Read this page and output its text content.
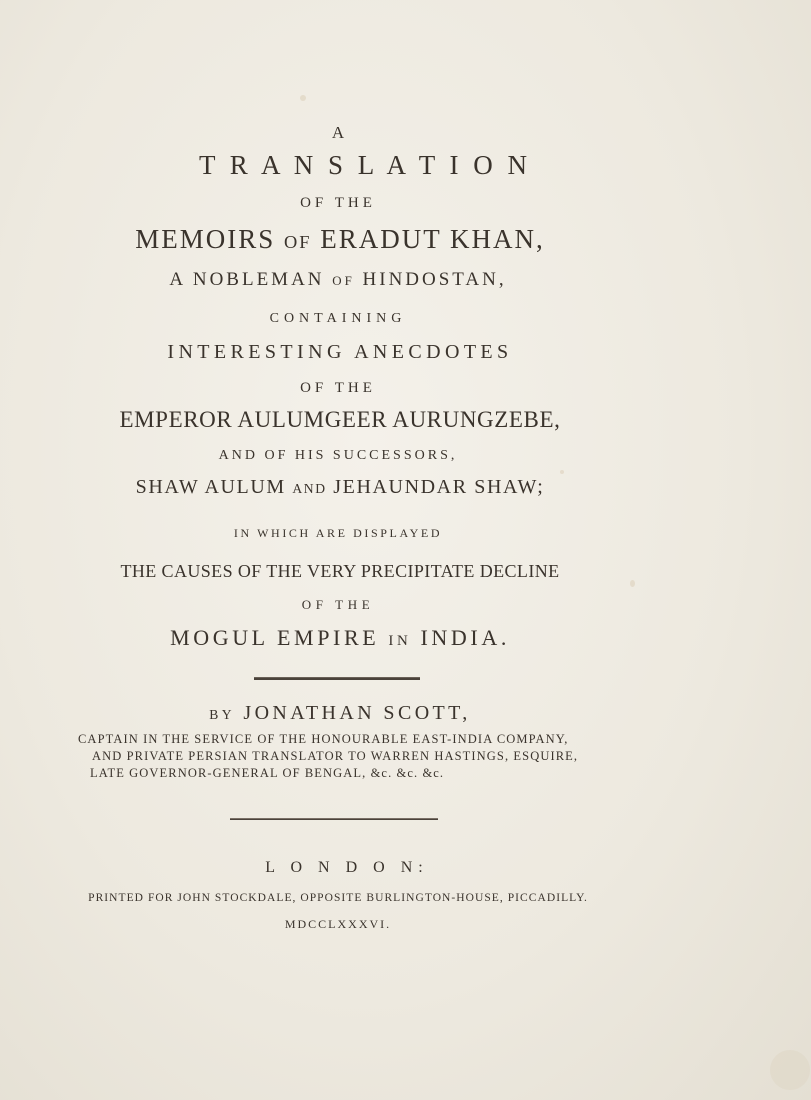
A
T R A N S L A T I O N
OF THE
MEMOIRS OF ERADUT KHAN,
A NOBLEMAN OF HINDOSTAN,
CONTAINING
INTERESTING ANECDOTES
OF THE
EMPEROR AULUMGEER AURUNGZEBE,
AND OF HIS SUCCESSORS,
SHAW AULUM AND JEHAUNDAR SHAW;
IN WHICH ARE DISPLAYED
THE CAUSES OF THE VERY PRECIPITATE DECLINE
OF THE
MOGUL EMPIRE IN INDIA.
BY JONATHAN SCOTT,
CAPTAIN IN THE SERVICE OF THE HONOURABLE EAST-INDIA COMPANY,
AND PRIVATE PERSIAN TRANSLATOR TO WARREN HASTINGS, ESQUIRE,
LATE GOVERNOR-GENERAL OF BENGAL, &c. &c. &c.
L O N D O N:
PRINTED FOR JOHN STOCKDALE, OPPOSITE BURLINGTON-HOUSE, PICCADILLY.
MDCCLXXXVI.
